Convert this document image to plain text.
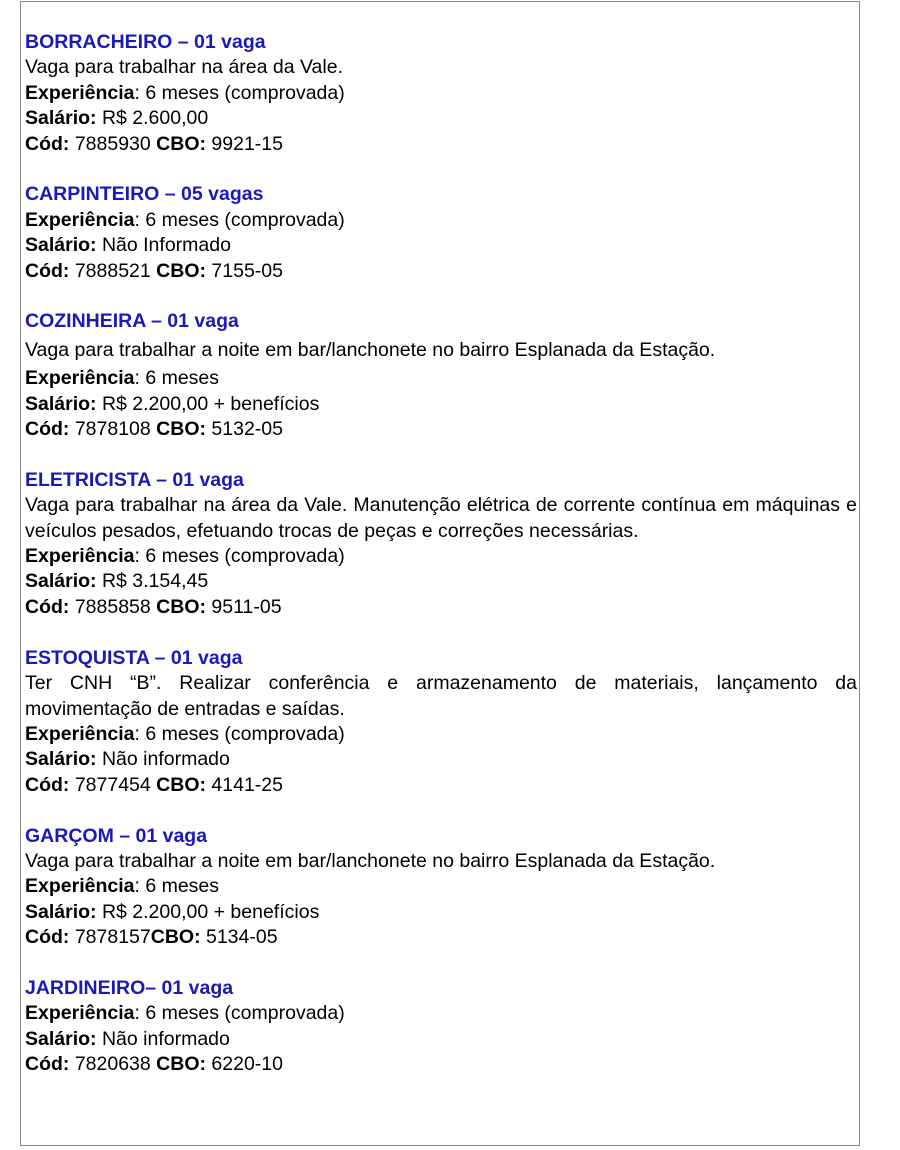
BORRACHEIRO – 01 vaga
Vaga para trabalhar na área da Vale.
Experiência: 6 meses (comprovada)
Salário: R$ 2.600,00
Cód: 7885930 CBO: 9921-15
CARPINTEIRO – 05 vagas
Experiência: 6 meses (comprovada)
Salário: Não Informado
Cód: 7888521 CBO: 7155-05
COZINHEIRA – 01 vaga
Vaga para trabalhar a noite em bar/lanchonete no bairro Esplanada da Estação.
Experiência: 6 meses
Salário: R$ 2.200,00 + benefícios
Cód: 7878108 CBO: 5132-05
ELETRICISTA – 01 vaga
Vaga para trabalhar na área da Vale. Manutenção elétrica de corrente contínua em máquinas e veículos pesados, efetuando trocas de peças e correções necessárias.
Experiência: 6 meses (comprovada)
Salário: R$ 3.154,45
Cód: 7885858 CBO: 9511-05
ESTOQUISTA – 01 vaga
Ter CNH “B”. Realizar conferência e armazenamento de materiais, lançamento da movimentação de entradas e saídas.
Experiência: 6 meses (comprovada)
Salário: Não informado
Cód: 7877454 CBO: 4141-25
GARÇOM – 01 vaga
Vaga para trabalhar a noite em bar/lanchonete no bairro Esplanada da Estação.
Experiência: 6 meses
Salário: R$ 2.200,00 + benefícios
Cód: 7878157CBO: 5134-05
JARDINEIRO– 01 vaga
Experiência: 6 meses (comprovada)
Salário: Não informado
Cód: 7820638 CBO: 6220-10
